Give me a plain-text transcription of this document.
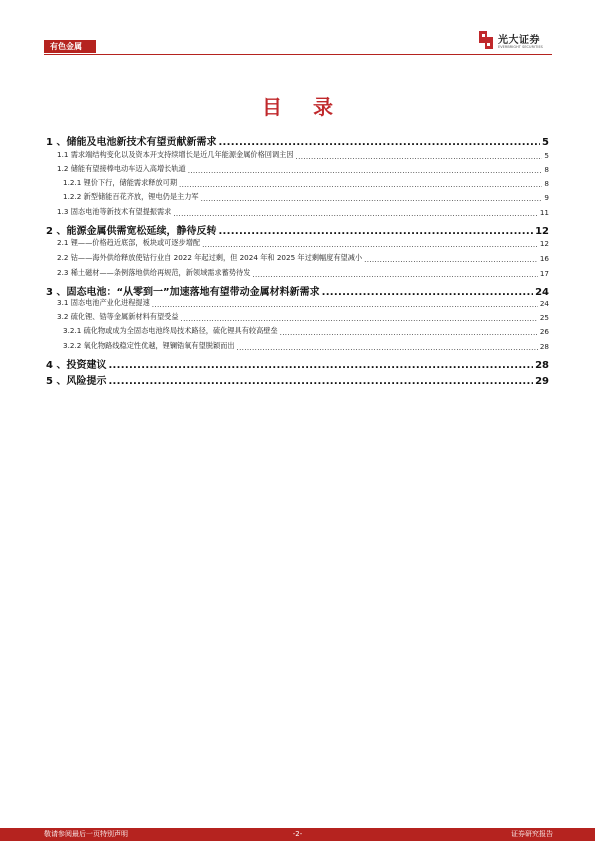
有色金属
光大证券
EVERBRIGHT SECURITIES
目 录
1 、储能及电池新技术有望贡献新需求 .....	5
1.1 需求端结构变化以及资本开支持续增长是近几年能源金属价格回调主因 .....	5
1.2 储能有望接棒电动车迈入高增长轨道 .....	8
1.2.1 锂价下行，储能需求释放可期 .....	8
1.2.2 新型储能百花齐放，锂电仍是主力军 .....	9
1.3 固态电池等新技术有望提振需求 .....	11
2 、能源金属供需宽松延续，静待反转 .....	12
2.1 锂——价格趋近底部，板块或可逐步增配 .....	12
2.2 钴——海外供给释放使钴行业自 2022 年起过剩，但 2024 年和 2025 年过剩幅度有望减小 .....	16
2.3 稀土磁材——条例落地供给再规范，新领域需求蓄势待发 .....	17
3 、固态电池：“从零到一”加速落地有望带动金属材料新需求 .....	24
3.1 固态电池产业化进程提速 .....	24
3.2 硫化锂、锆等金属新材料有望受益 .....	25
3.2.1 硫化物或成为全固态电池终局技术路径，硫化锂具有较高壁垒 .....	26
3.2.2 氧化物路线稳定性优越，锂镧锆氧有望脱颖而出 .....	28
4 、投资建议 .....	28
5 、风险提示 .....	29
敬请参阅最后一页特别声明	-2-	证券研究报告
